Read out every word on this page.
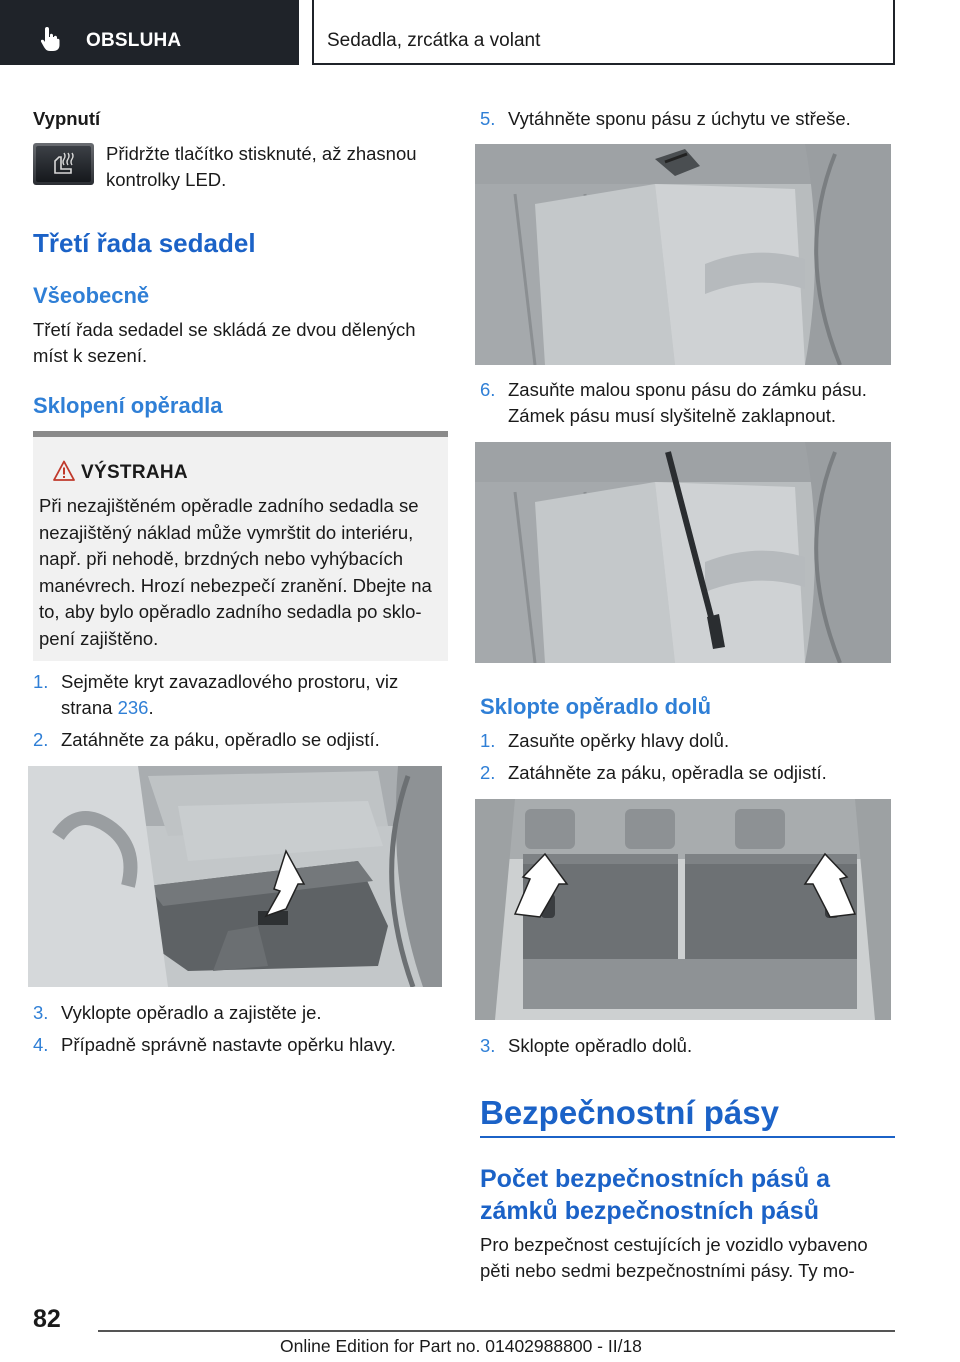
OBSLUHA	Sedadla, zrcátka a volant
Vypnutí
Přidržte tlačítko stisknuté, až zhasnou
kontrolky LED.
Třetí řada sedadel
Všeobecně
Třetí řada sedadel se skládá ze dvou dělených
míst k sezení.
Sklopení opěradla
VÝSTRAHA
Při nezajištěném opěradle zadního sedadla se
nezajištěný náklad může vymrštit do interiéru,
např. při nehodě, brzdných nebo vyhýbacích
manévrech. Hrozí nebezpečí zranění. Dbejte na
to, aby bylo opěradlo zadního sedadla po sklo-
pení zajištěno.
1. Sejměte kryt zavazadlového prostoru, viz
strana 236.
2. Zatáhněte za páku, opěradlo se odjistí.
3. Vyklopte opěradlo a zajistěte je.
4. Případně správně nastavte opěrku hlavy.
5. Vytáhněte sponu pásu z úchytu ve střeše.
6. Zasuňte malou sponu pásu do zámku pásu.
Zámek pásu musí slyšitelně zaklapnout.
Sklopte opěradlo dolů
1. Zasuňte opěrky hlavy dolů.
2. Zatáhněte za páku, opěradla se odjistí.
3. Sklopte opěradlo dolů.
Bezpečnostní pásy
Počet bezpečnostních pásů a
zámků bezpečnostních pásů
Pro bezpečnost cestujících je vozidlo vybaveno
pěti nebo sedmi bezpečnostními pásy. Ty mo-
82
Online Edition for Part no. 01402988800 - II/18
